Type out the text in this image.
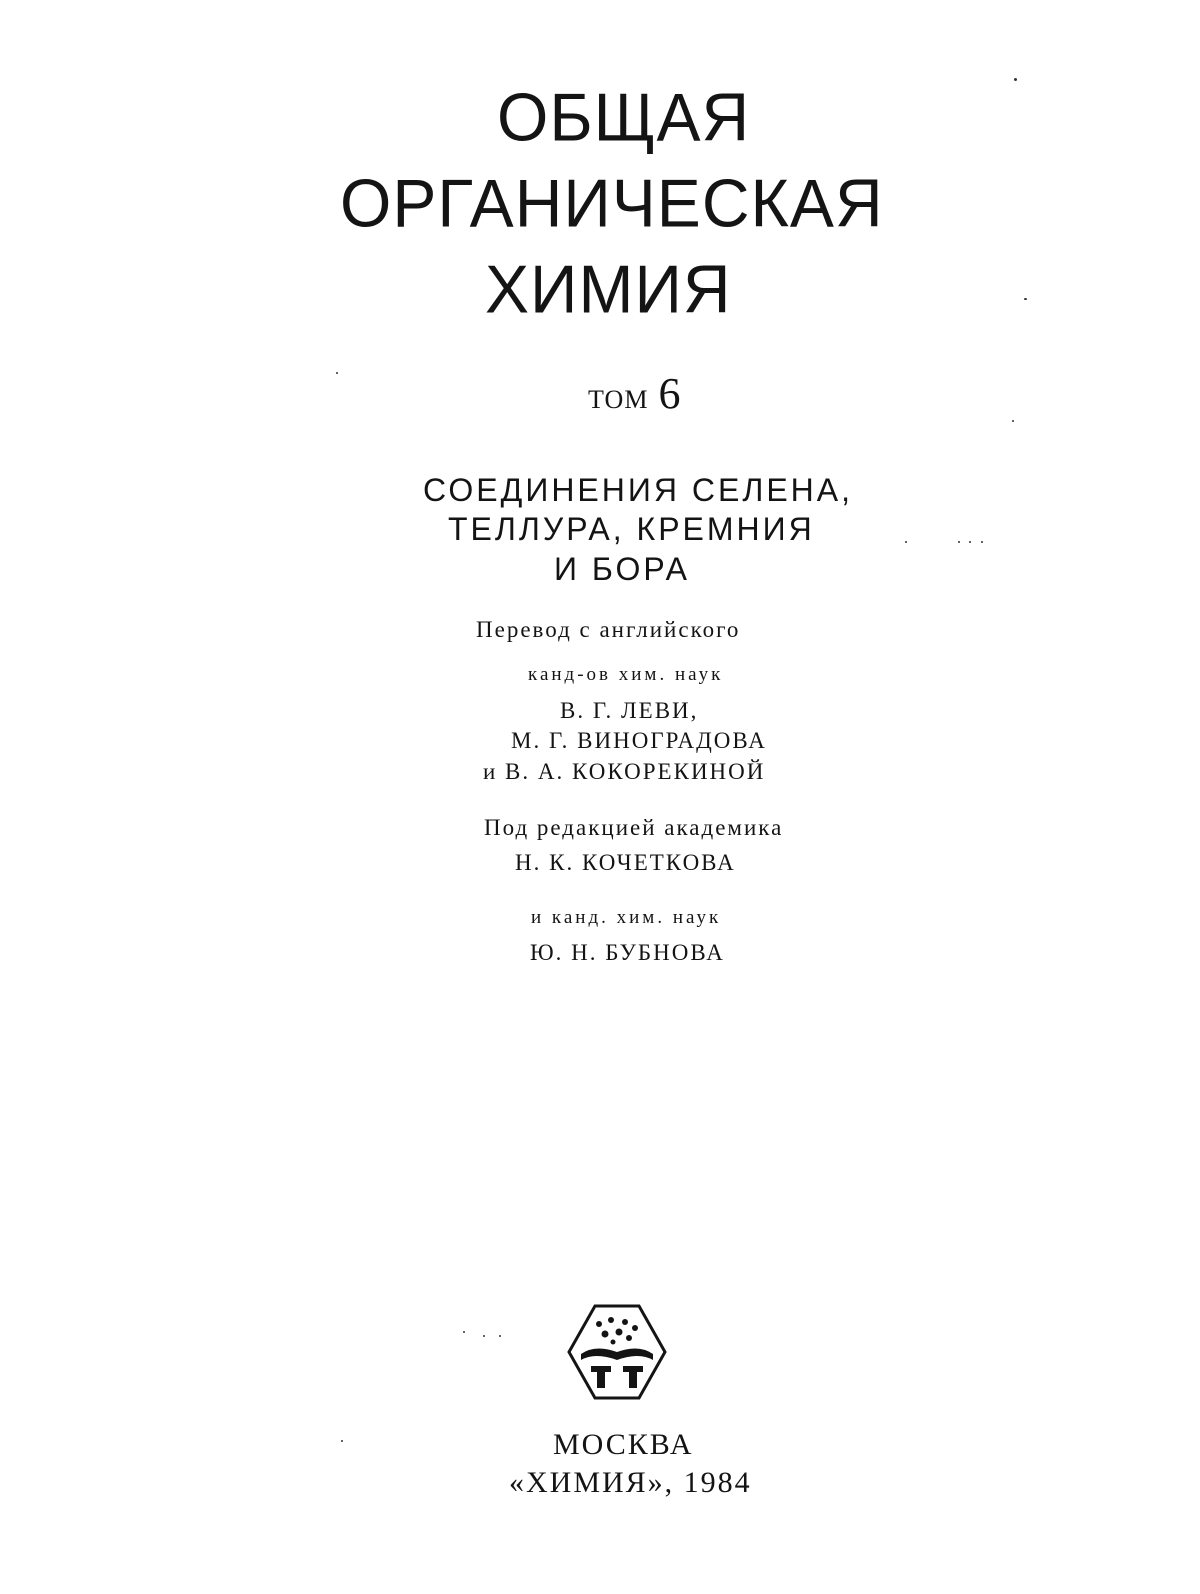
ОБЩАЯ
ОРГАНИЧЕСКАЯ
ХИМИЯ
ТОМ 6
СОЕДИНЕНИЯ СЕЛЕНА,
ТЕЛЛУРА, КРЕМНИЯ
И БОРА
Перевод с английского
канд-ов хим. наук
В. Г. ЛЕВИ,
М. Г. ВИНОГРАДОВА
и В. А. КОКОРЕКИНОЙ
Под редакцией академика
Н. К. КОЧЕТКОВА
и канд. хим. наук
Ю. Н. БУБНОВА
МОСКВА
«ХИМИЯ», 1984
